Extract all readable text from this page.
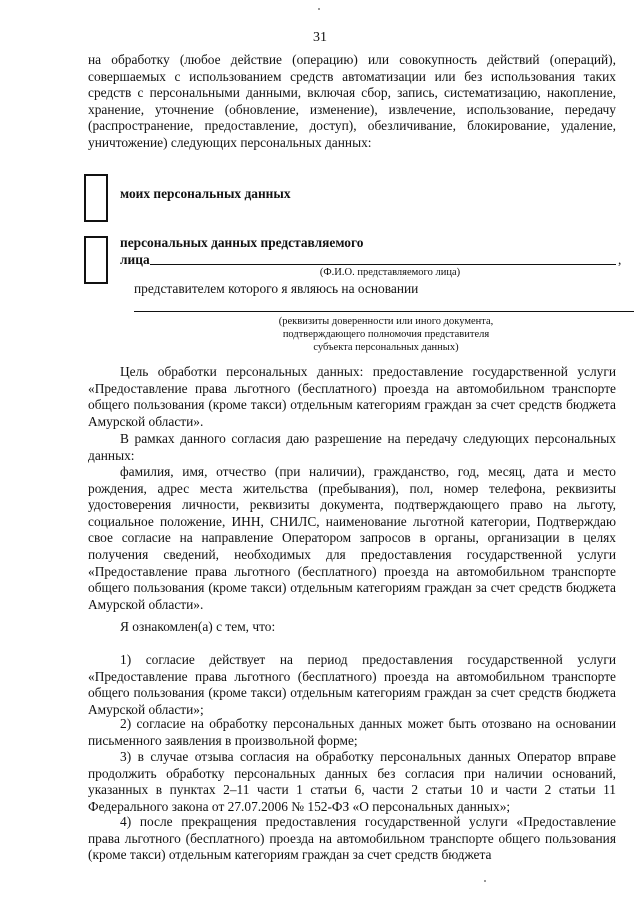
31
на обработку (любое действие (операцию) или совокупность действий (операций), совершаемых с использованием средств автоматизации или без использования таких средств с персональными данными, включая сбор, запись, систематизацию, накопление, хранение, уточнение (обновление, изменение), извлечение, использование, передачу (распространение, предоставление, доступ), обезличивание, блокирование, удаление, уничтожение) следующих персональных данных:
моих персональных данных
персональных данных представляемого
лица	,
(Ф.И.О. представляемого лица)
представителем которого я являюсь на основании
(реквизиты доверенности или иного документа,
подтверждающего полномочия представителя
субъекта персональных данных)
Цель обработки персональных данных: предоставление государственной услуги «Предоставление права льготного (бесплатного) проезда на автомобильном транспорте общего пользования (кроме такси) отдельным категориям граждан за счет средств бюджета Амурской области».
В рамках данного согласия даю разрешение на передачу следующих персональных данных:
фамилия, имя, отчество (при наличии), гражданство, год, месяц, дата и место рождения, адрес места жительства (пребывания), пол, номер телефона, реквизиты удостоверения личности, реквизиты документа, подтверждающего право на льготу, социальное положение, ИНН, СНИЛС, наименование льготной категории, Подтверждаю свое согласие на направление Оператором запросов в органы, организации в целях получения сведений, необходимых для предоставления государственной услуги «Предоставление права льготного (бесплатного) проезда на автомобильном транспорте общего пользования (кроме такси) отдельным категориям граждан за счет средств бюджета Амурской области».
Я ознакомлен(а) с тем, что:
1) согласие действует на период предоставления государственной услуги «Предоставление права льготного (бесплатного) проезда на автомобильном транспорте общего пользования (кроме такси) отдельным категориям граждан за счет средств бюджета Амурской области»;
2) согласие на обработку персональных данных может быть отозвано на основании письменного заявления в произвольной форме;
3) в случае отзыва согласия на обработку персональных данных Оператор вправе продолжить обработку персональных данных без согласия при наличии оснований, указанных в пунктах 2–11 части 1 статьи 6, части 2 статьи 10 и части 2 статьи 11 Федерального закона от 27.07.2006 № 152-ФЗ «О персональных данных»;
4) после прекращения предоставления государственной услуги «Предоставление права льготного (бесплатного) проезда на автомобильном транспорте общего пользования (кроме такси) отдельным категориям граждан за счет средств бюджета
